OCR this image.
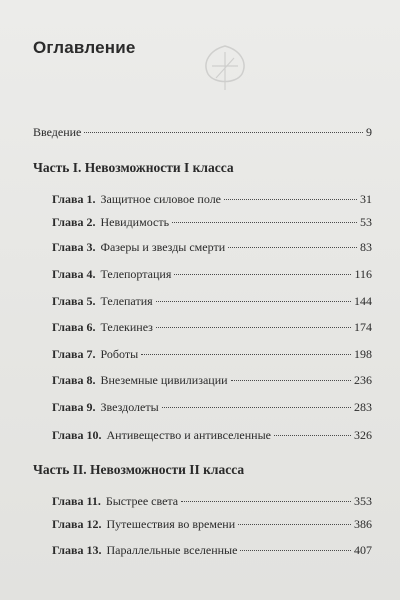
Оглавление
Введение	9
Часть I. Невозможности I класса
Глава 1. Защитное силовое поле	31
Глава 2. Невидимость	53
Глава 3. Фазеры и звезды смерти	83
Глава 4. Телепортация	116
Глава 5. Телепатия	144
Глава 6. Телекинез	174
Глава 7. Роботы	198
Глава 8. Внеземные цивилизации	236
Глава 9. Звездолеты	283
Глава 10. Антивещество и антивселенные	326
Часть II. Невозможности II класса
Глава 11. Быстрее света	353
Глава 12. Путешествия во времени	386
Глава 13. Параллельные вселенные	407
